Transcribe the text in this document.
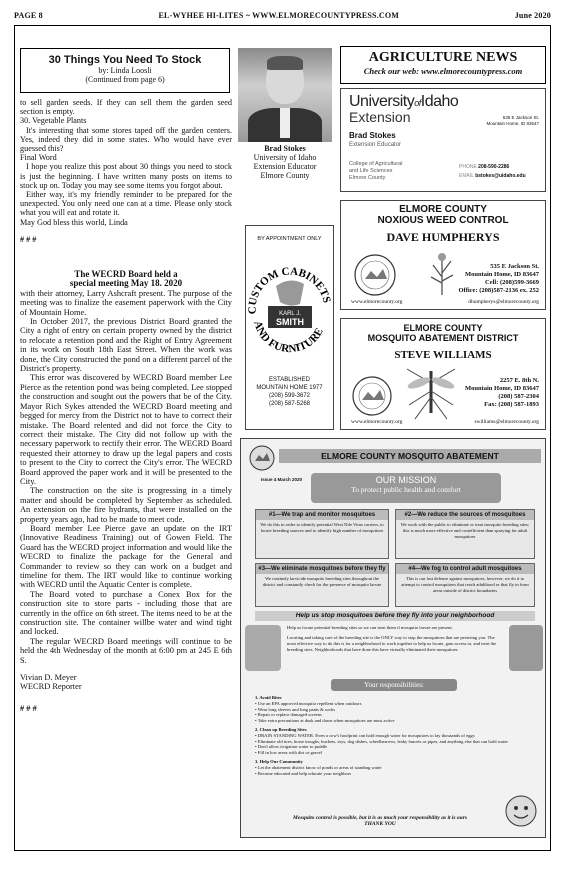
PAGE 8	EL-WYHEE HI-LITES ~ WWW.ELMORECOUNTYPRESS.COM	June 2020
30 Things You Need To Stock
by: Linda Loosli
(Continued from page 6)

to sell garden seeds. If they can sell them the garden seed section is empty.

30. Vegetable Plants

It's interesting that some stores taped off the garden centers. Yes, indeed they did in some states. Who would have ever guessed this?

Final Word

I hope you realize this post about 30 things you need to stock is just the beginning. I have written many posts on items to stock up on. Today you may see some items you forgot about.

Either way, it's my friendly reminder to be prepared for the unexpected. You only need one can at a time. Please only stock what you will eat and rotate it.

May God bless this world, Linda

# # #

Brad Stokes
University of Idaho
Extension Educator
Elmore County
The WECRD Board held a
special meeting May 18. 2020

with their attorney, Larry Ashcraft present. The purpose of the meeting was to finalize the easement paperwork with the City of Mountain Home.

In October 2017, the previous District Board granted the City a right of entry on certain property owned by the district to relocate a retention pond and the Right of Entry Agreement in its work on South 18th East Street. When the work was done, the City constructed the pond on a different parcel of the District's property.

This error was discovered by WECRD Board member Lee Pierce as the retention pond was being completed. Lee stopped the construction and sought out the powers that be of the City. Mayor Rich Sykes attended the WECRD Board meeting and begged for mercy from the District not to have to correct their mistake. The Board relented and did not force the City to correct their mistake. The City did not follow up with the necessary paperwork to rectify their error. The WECRD Board requested their attorney to draw up the legal papers and costs to present to the City to correct the City's error. The WECRD Board approved the paper work and it will be presented to the City.

The construction on the site is progressing in a timely matter and should be completed by September as scheduled. An extension on the fire hydrants, that were installed on the property years ago, had to be made to meet code.

Board member Lee Pierce gave an update on the IRT (Innovative Readiness Training) out of Gowen Field. The Guard has the WECRD project information and would like the WECRD to finalize the package for the General and Commander to review so they can work on a budget and timeline for them. The IRT would like to continue working with WECRD until the Aquatic Center is complete.

The Board voted to purchase a Conex Box for the construction site to store parts - including those that are currently in the office on 6th street. The items need to be at the construction site. The container willbe water and wind tight and locked.

The regular WECRD Board meetings will continue to be held the 4th Wednesday of the month at 6:00 pm at 245 E 6th S.

Vivian D. Meyer

WECRD Reporter

# # #

AGRICULTURE NEWS
Check our web: www.elmorecountypress.com
UniversityofIdaho
Extension	535 E Jackson St.
Mountain Home, ID 83647
Brad Stokes
Extension Educator
College of Agricultural
and Life Sciences
Elmore County
PHONE 208-590-2286
EMAIL bstokes@uidaho.edu
BY APPOINTMENT ONLY
CUSTOM CABINETS
AND FURNITURE
KARL J.
SMITH
ESTABLISHED
MOUNTAIN HOME 1977
(208) 599-3672
(208) 587-5268
ELMORE COUNTY
NOXIOUS WEED CONTROL
DAVE HUMPHERYS
535 E Jackson St.
Mountain Home, ID 83647
Cell: (208)599-3669
Office: (208)587-2136 ex. 252
www.elmorecounty.org	dhumpherys@elmorecounty.org
ELMORE COUNTY
MOSQUITO ABATEMENT DISTRICT
STEVE WILLIAMS
2257 E. 8th N.
Mountain Home, ID 83647
(208) 587-2304
Fax: (208) 587-1893
www.elmorecounty.org	swilliams@elmorecounty.org
ELMORE COUNTY MOSQUITO ABATEMENT
Issue 4 March 2020	OUR MISSION
To protect public health and comfort
#1—We trap and monitor mosquitoes
We do this in order to identify potential West Nile Virus carriers, to locate breeding sources and to identify high number of mosquitoes
#2—We reduce the sources of mosquitoes
We work with the public to eliminate or treat mosquito breeding sites; this is much more effective and costefficient than spraying for adult mosquitoes
#3—We eliminate mosquitoes before they fly
We routinely larvicide mosquito breeding sites throughout the district and constantly check for the presence of mosquito larvae
#4—We fog to control adult mosquitoes
This is our last defense against mosquitoes, however, we do it to attempt to control mosquitoes that reach adulthood or that fly in from areas outside of district boundaries
Help us stop mosquitoes before they fly into your neighborhood
Help us locate potential breeding sites so we can treat them if mosquito larvae are present.
Locating and taking care of the breeding site is the ONLY way to stop the mosquitoes that are pestering you. The most effective way to do this is for a neighborhood to work together to help us locate, gain access to, and treat the breeding sites. Neighborhoods that have done this have virtually eliminated their mosquitoes.
Your responsibilities:
1. Avoid Bites
• Use an EPA approved mosquito repellent when outdoors
• Wear long sleeves and long pants & socks
• Repair or replace damaged screens
• Take extra precautions at dusk and dawn when mosquitoes are most active
2. Clean up Breeding Sites
• DRAIN STANDING WATER. Even a cow's hoofprint can hold enough water for mosquitoes to lay thousands of eggs
• Eliminate old tires, horse troughs, buckets, toys, dog dishes, wheelbarrows, leaky faucets or pipes, and anything else that can hold water
• Don't allow irrigation water to puddle
• Fill in low areas with dirt or gravel
3. Help Our Community
• Let the abatement district know of ponds or areas of standing water
• Become educated and help educate your neighbors
Mosquito control is possible, but it is as much your responsibility as it is ours
THANK YOU
